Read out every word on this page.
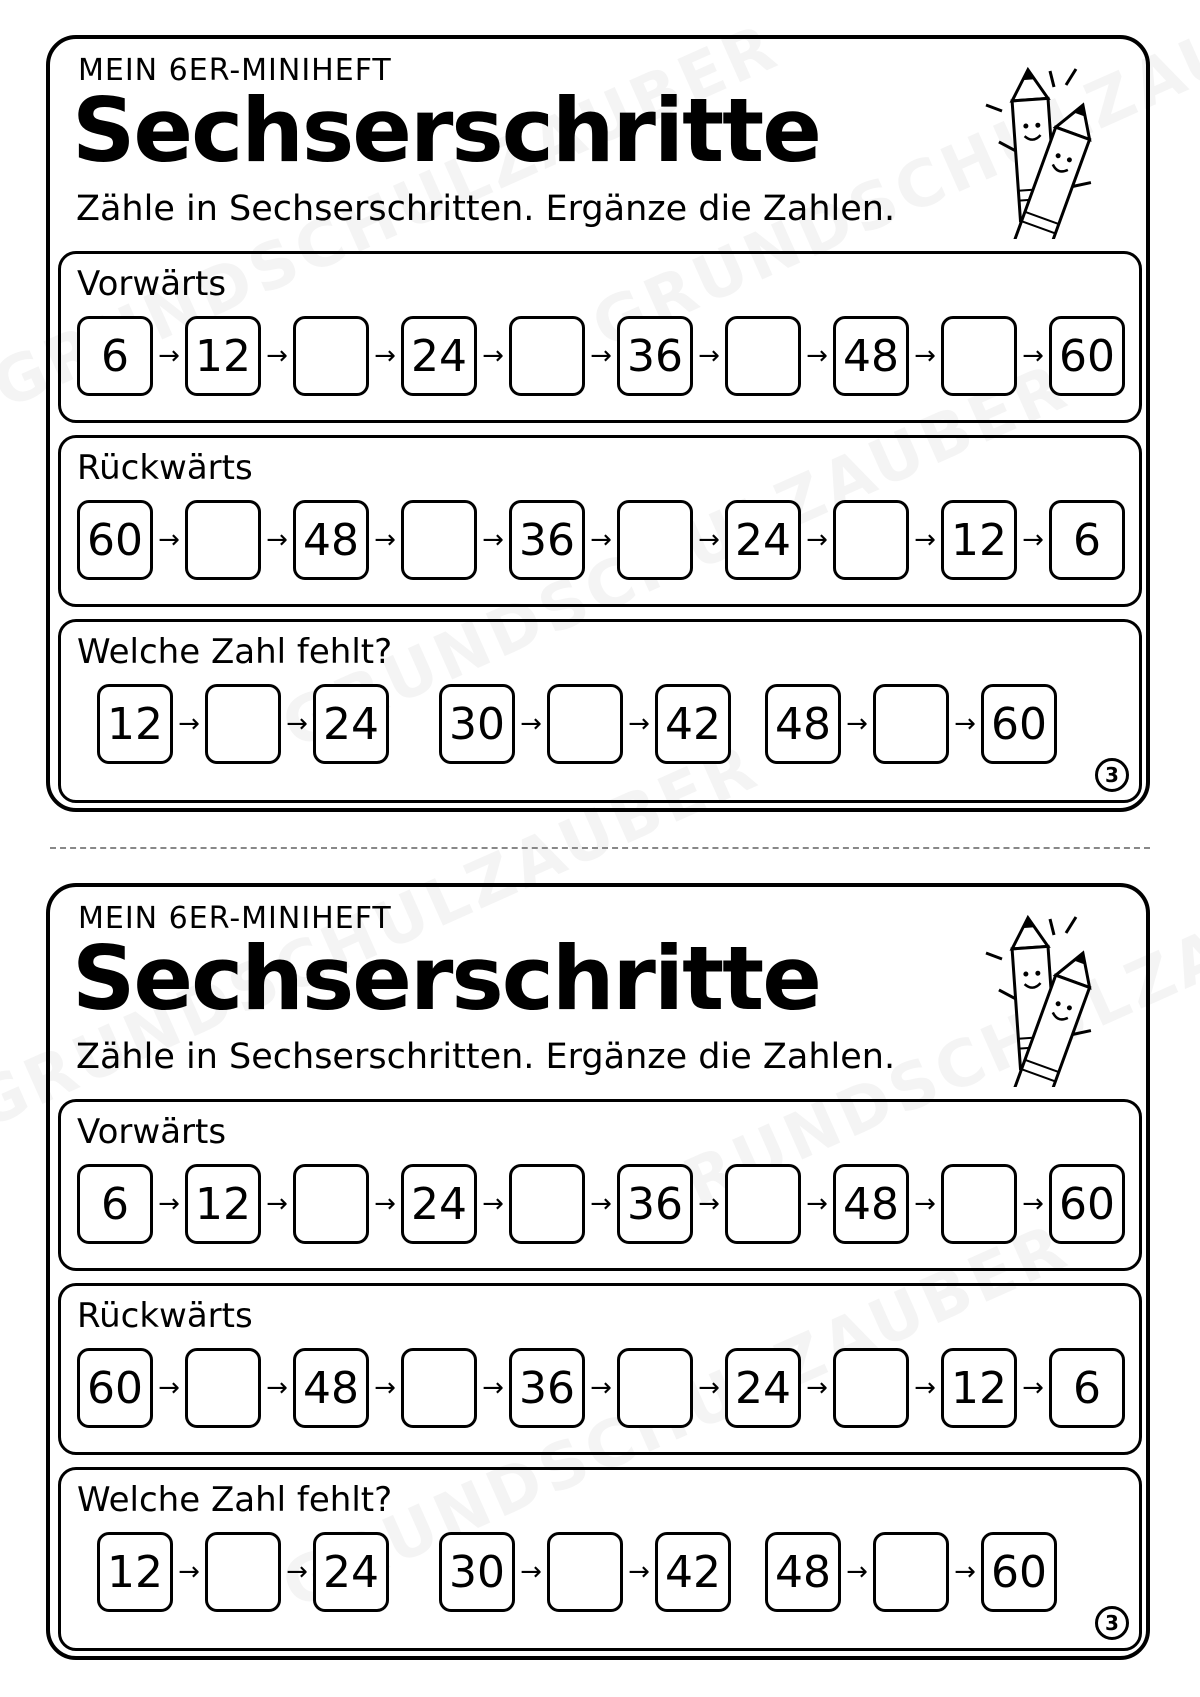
MEIN 6ER-MINIHEFT
Sechserschritte
Zähle in Sechserschritten. Ergänze die Zahlen.
Vorwärts
6	→ 12 →	→ 24 →	→ 36 →	→ 48 →	→ 60
Rückwärts
60 →	→ 48 →	→ 36 →	→ 24 →	→ 12 → 6
Welche Zahl fehlt?
12 →	→ 24 30 →	→ 42 48 →	→ 60
3
MEIN 6ER-MINIHEFT
Sechserschritte
Zähle in Sechserschritten. Ergänze die Zahlen.
Vorwärts
6	→ 12 →	→ 24 →	→ 36 →	→ 48 →	→ 60
Rückwärts
60 →	→ 48 →	→ 36 →	→ 24 →	→ 12 → 6
Welche Zahl fehlt?
12 →	→ 24 30 →	→ 42 48 →	→ 60
3
